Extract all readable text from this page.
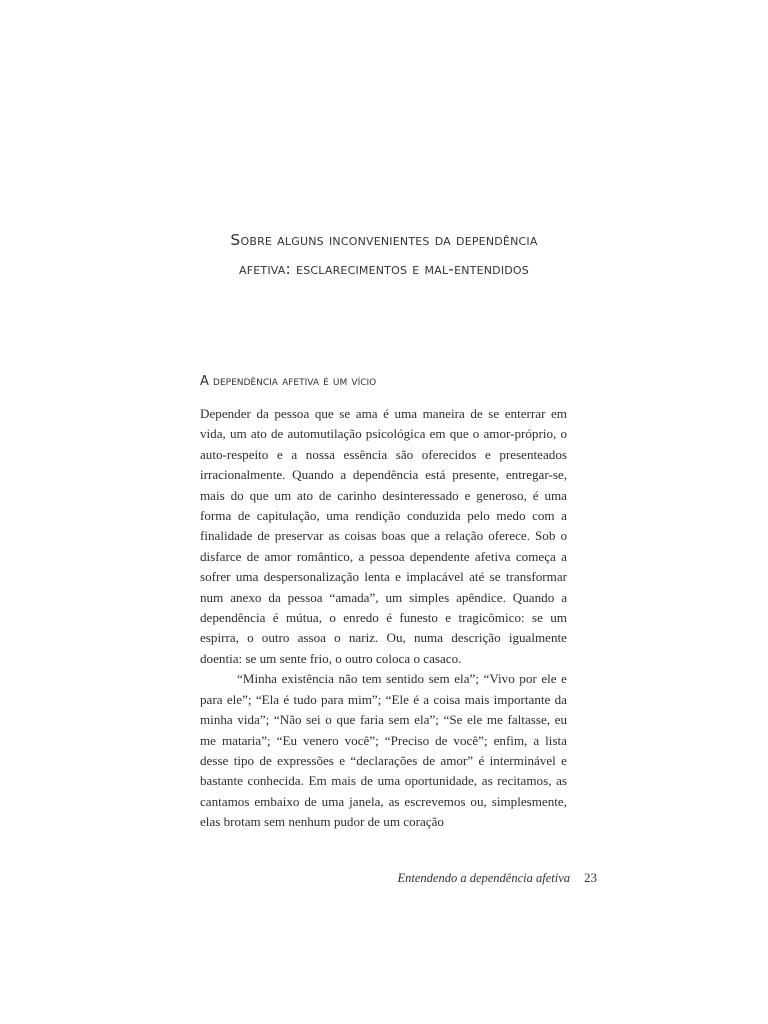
Sobre alguns inconvenientes da dependência
afetiva: esclarecimentos e mal-entendidos
A dependência afetiva é um vício

Depender da pessoa que se ama é uma maneira de se enterrar em vida, um ato de automutilação psicológica em que o amor-próprio, o auto-respeito e a nossa essência são oferecidos e presenteados irracionalmente. Quando a dependência está presente, entregar-se, mais do que um ato de carinho desinteressado e generoso, é uma forma de capitulação, uma rendição conduzida pelo medo com a finalidade de preservar as coisas boas que a relação oferece. Sob o disfarce de amor romântico, a pessoa dependente afetiva começa a sofrer uma despersonalização lenta e implacável até se transformar num anexo da pessoa “amada”, um simples apêndice. Quando a dependência é mútua, o enredo é funesto e tragicômico: se um espirra, o outro assoa o nariz. Ou, numa descrição igualmente doentia: se um sente frio, o outro coloca o casaco.

“Minha existência não tem sentido sem ela”; “Vivo por ele e para ele”; “Ela é tudo para mim”; “Ele é a coisa mais importante da minha vida”; “Não sei o que faria sem ela”; “Se ele me faltasse, eu me mataria”; “Eu venero você”; “Preciso de você”; enfim, a lista desse tipo de expressões e “declarações de amor” é interminável e bastante conhecida. Em mais de uma oportunidade, as recitamos, as cantamos embaixo de uma janela, as escrevemos ou, simplesmente, elas brotam sem nenhum pudor de um coração

Entendendo a dependência afetiva 23
